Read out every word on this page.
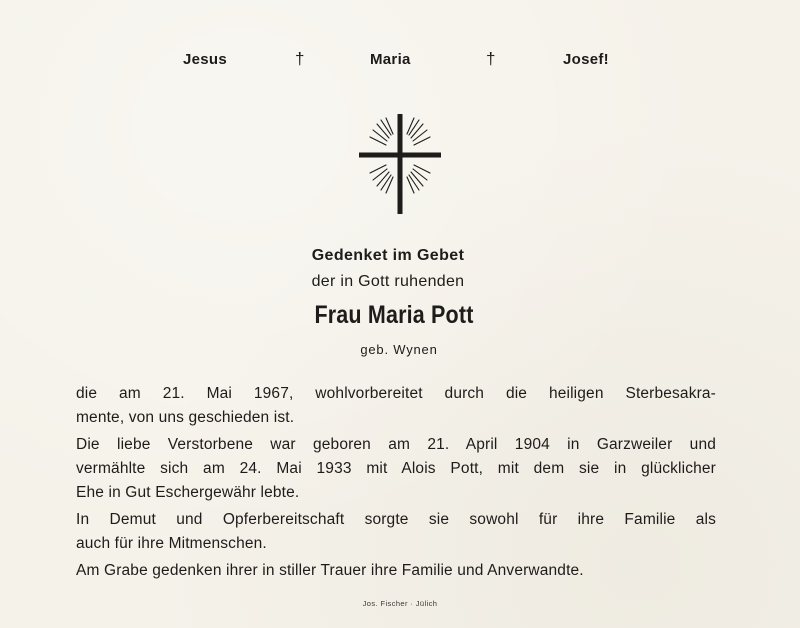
Jesus	†	Maria	†	Josef!
Gedenket im Gebet
der in Gott ruhenden
Frau Maria Pott
geb. Wynen

die am 21. Mai 1967, wohlvorbereitet durch die heiligen Sterbesakra-
mente, von uns geschieden ist.

Die liebe Verstorbene war geboren am 21. April 1904 in Garzweiler und
vermählte sich am 24. Mai 1933 mit Alois Pott, mit dem sie in glücklicher
Ehe in Gut Eschergewähr lebte.

In Demut und Opferbereitschaft sorgte sie sowohl für ihre Familie als
auch für ihre Mitmenschen.

Am Grabe gedenken ihrer in stiller Trauer ihre Familie und Anverwandte.

Jos. Fischer · Jülich
